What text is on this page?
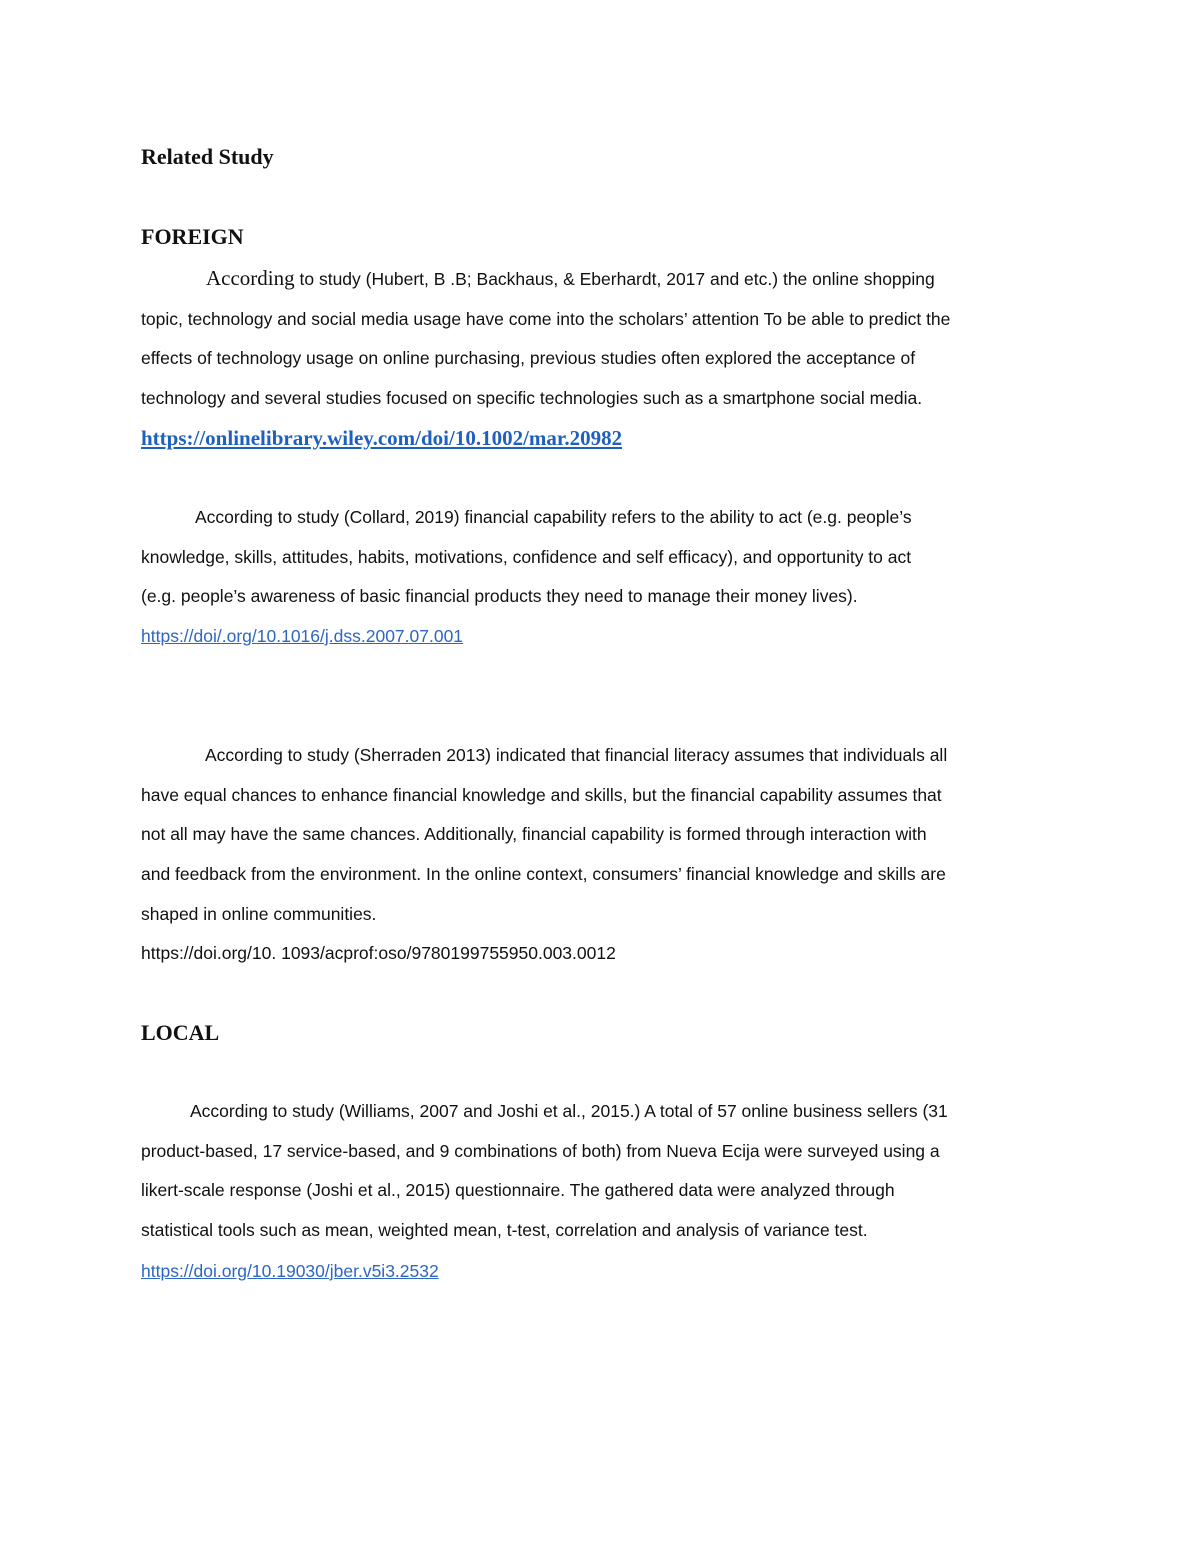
Related Study
FOREIGN
According to study (Hubert, B .B; Backhaus, & Eberhardt, 2017 and etc.) the online shopping
topic, technology and social media usage have come into the scholars’ attention To be able to predict the
effects of technology usage on online purchasing, previous studies often explored the acceptance of
technology and several studies focused on specific technologies such as a smartphone social media.
https://onlinelibrary.wiley.com/doi/10.1002/mar.20982
According to study (Collard, 2019) financial capability refers to the ability to act (e.g. people’s
knowledge, skills, attitudes, habits, motivations, confidence and self efficacy), and opportunity to act
(e.g. people’s awareness of basic financial products they need to manage their money lives).
https://doi/.org/10.1016/j.dss.2007.07.001
According to study (Sherraden 2013) indicated that financial literacy assumes that individuals all
have equal chances to enhance financial knowledge and skills, but the financial capability assumes that
not all may have the same chances. Additionally, financial capability is formed through interaction with
and feedback from the environment. In the online context, consumers’ financial knowledge and skills are
shaped in online communities.
https://doi.org/10. 1093/acprof:oso/9780199755950.003.0012
LOCAL
According to study (Williams, 2007 and Joshi et al., 2015.) A total of 57 online business sellers (31
product-based, 17 service-based, and 9 combinations of both) from Nueva Ecija were surveyed using a
likert-scale response (Joshi et al., 2015) questionnaire. The gathered data were analyzed through
statistical tools such as mean, weighted mean, t-test, correlation and analysis of variance test.
https://doi.org/10.19030/jber.v5i3.2532
